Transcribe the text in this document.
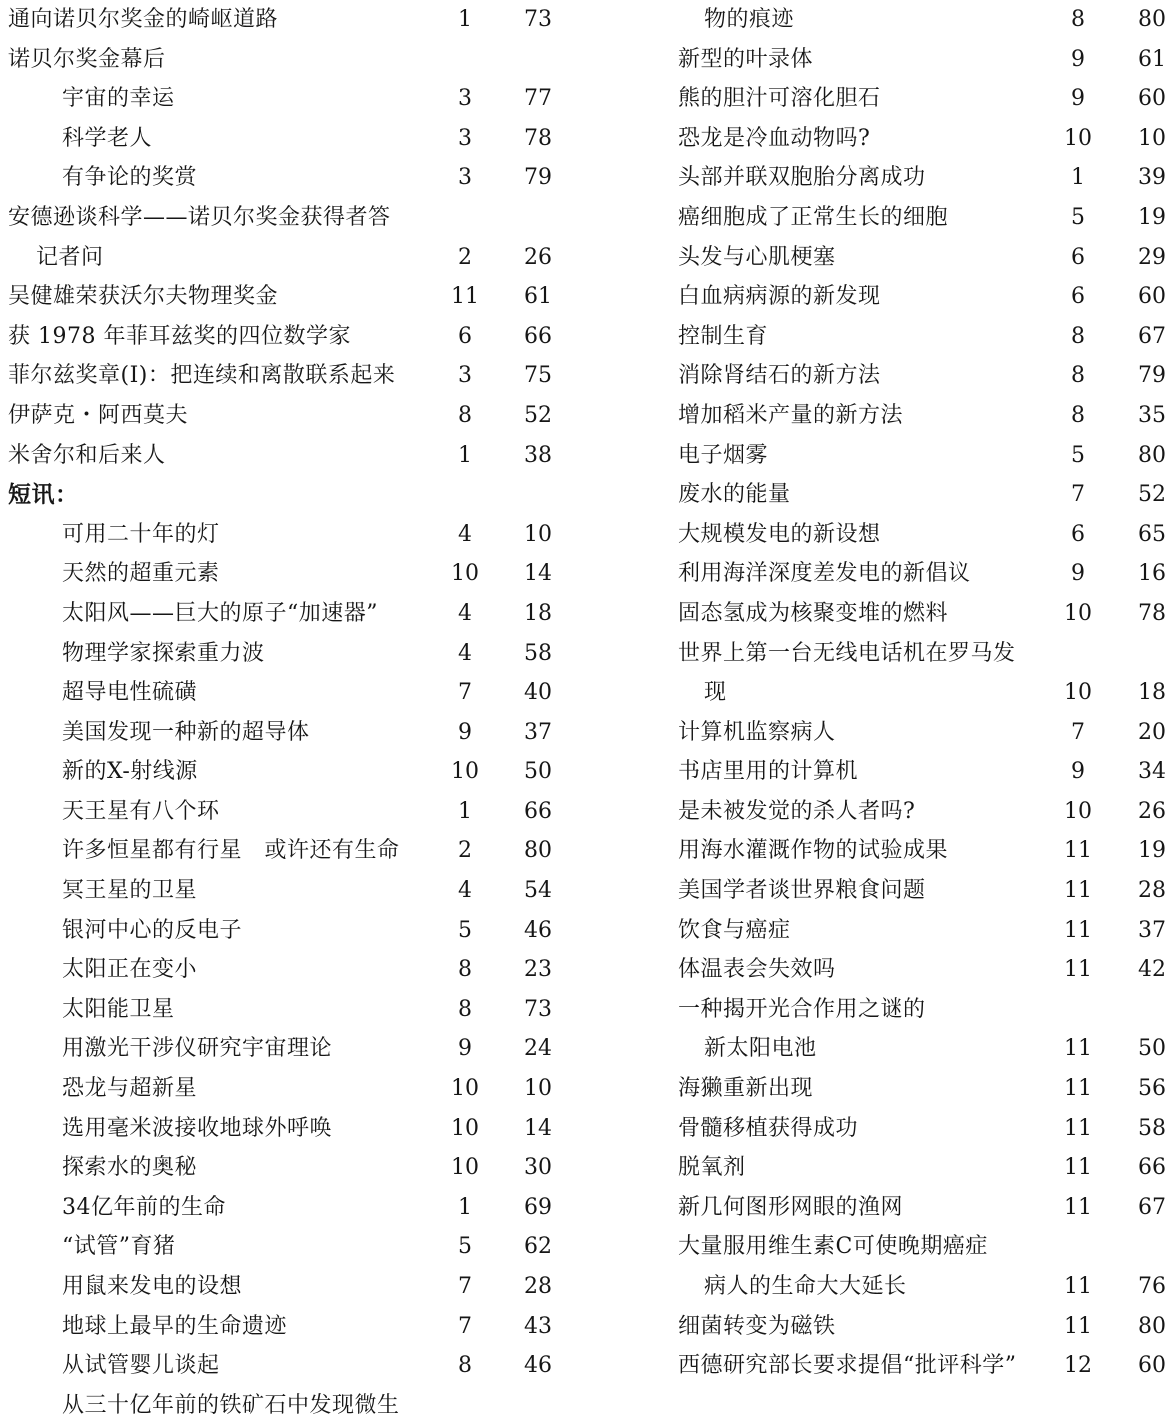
通向诺贝尔奖金的崎岖道路	1	73
诺贝尔奖金幕后
宇宙的幸运	3	77
科学老人	3	78
有争论的奖赏	3	79
安德逊谈科学——诺贝尔奖金获得者答
记者问	2	26
吴健雄荣获沃尔夫物理奖金	11	61
获 1978 年菲耳兹奖的四位数学家	6	66
菲尔兹奖章(I)：把连续和离散联系起来	3	75
伊萨克・阿西莫夫	8	52
米舍尔和后来人	1	38
短讯：
可用二十年的灯	4	10
天然的超重元素	10	14
太阳风——巨大的原子“加速器”	4	18
物理学家探索重力波	4	58
超导电性硫磺	7	40
美国发现一种新的超导体	9	37
新的X-射线源	10	50
天王星有八个环	1	66
许多恒星都有行星　或许还有生命	2	80
冥王星的卫星	4	54
银河中心的反电子	5	46
太阳正在变小	8	23
太阳能卫星	8	73
用激光干涉仪研究宇宙理论	9	24
恐龙与超新星	10	10
选用毫米波接收地球外呼唤	10	14
探索水的奥秘	10	30
34亿年前的生命	1	69
“试管”育猪	5	62
用鼠来发电的设想	7	28
地球上最早的生命遗迹	7	43
从试管婴儿谈起	8	46
从三十亿年前的铁矿石中发现微生
物的痕迹	8	80
新型的叶录体	9	61
熊的胆汁可溶化胆石	9	60
恐龙是冷血动物吗?	10	10
头部并联双胞胎分离成功	1	39
癌细胞成了正常生长的细胞	5	19
头发与心肌梗塞	6	29
白血病病源的新发现	6	60
控制生育	8	67
消除肾结石的新方法	8	79
增加稻米产量的新方法	8	35
电子烟雾	5	80
废水的能量	7	52
大规模发电的新设想	6	65
利用海洋深度差发电的新倡议	9	16
固态氢成为核聚变堆的燃料	10	78
世界上第一台无线电话机在罗马发
现	10	18
计算机监察病人	7	20
书店里用的计算机	9	34
是未被发觉的杀人者吗?	10	26
用海水灌溉作物的试验成果	11	19
美国学者谈世界粮食问题	11	28
饮食与癌症	11	37
体温表会失效吗	11	42
一种揭开光合作用之谜的
新太阳电池	11	50
海獭重新出现	11	56
骨髓移植获得成功	11	58
脱氧剂	11	66
新几何图形网眼的渔网	11	67
大量服用维生素C可使晚期癌症
病人的生命大大延长	11	76
细菌转变为磁铁	11	80
西德研究部长要求提倡“批评科学”	12	60
